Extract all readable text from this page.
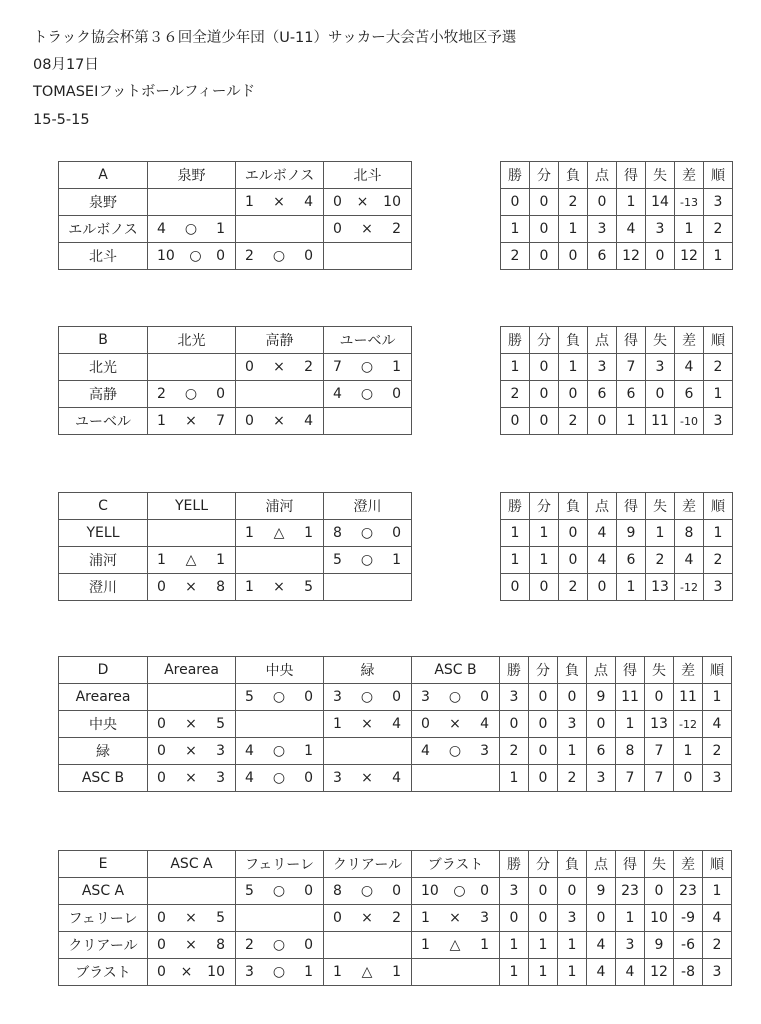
トラック協会杯第３６回全道少年団（U-11）サッカー大会苫小牧地区予選
08月17日
TOMASEIフットボールフィールド
15-5-15
A	泉野	エルボノス	北斗
泉野		1 × 4	0 × 10

エルボノス	4 ○ 1		0 × 2

北斗	10 ○ 0	2 ○ 0	

勝	分	負	点	得	失	差	順
0	0	2	0	1	14	-13	3
1	0	1	3	4	3	1	2
2	0	0	6	12	0	12	1
B	北光	高静	ユーベル
北光		0 × 2	7 ○ 1

高静	2 ○ 0		4 ○ 0

ユーベル	1 × 7	0 × 4	

勝	分	負	点	得	失	差	順
1	0	1	3	7	3	4	2
2	0	0	6	6	0	6	1
0	0	2	0	1	11	-10	3
C	YELL	浦河	澄川
YELL		1 △ 1	8 ○ 0

浦河	1 △ 1		5 ○ 1

澄川	0 × 8	1 × 5	

勝	分	負	点	得	失	差	順
1	1	0	4	9	1	8	1
1	1	0	4	6	2	4	2
0	0	2	0	1	13	-12	3
D	Arearea	中央	緑	ASC B	勝	分	負	点	得	失	差	順
Arearea		5 ○ 0	3 ○ 0	3 ○ 0	3	0	0	9	11	0	11	1
中央	0 × 5		1 × 4	0 × 4	0	0	3	0	1	13	-12	4
緑	0 × 3	4 ○ 1		4 ○ 3	2	0	1	6	8	7	1	2
ASC B	0 × 3	4 ○ 0	3 × 4		1	0	2	3	7	7	0	3
E	ASC A	フェリーレ	クリアール	ブラスト	勝	分	負	点	得	失	差	順
ASC A		5 ○ 0	8 ○ 0	10 ○ 0	3	0	0	9	23	0	23	1
フェリーレ	0 × 5		0 × 2	1 × 3	0	0	3	0	1	10	-9	4
クリアール	0 × 8	2 ○ 0		1 △ 1	1	1	1	4	3	9	-6	2
ブラスト	0 × 10	3 ○ 1	1 △ 1		1	1	1	4	4	12	-8	3
